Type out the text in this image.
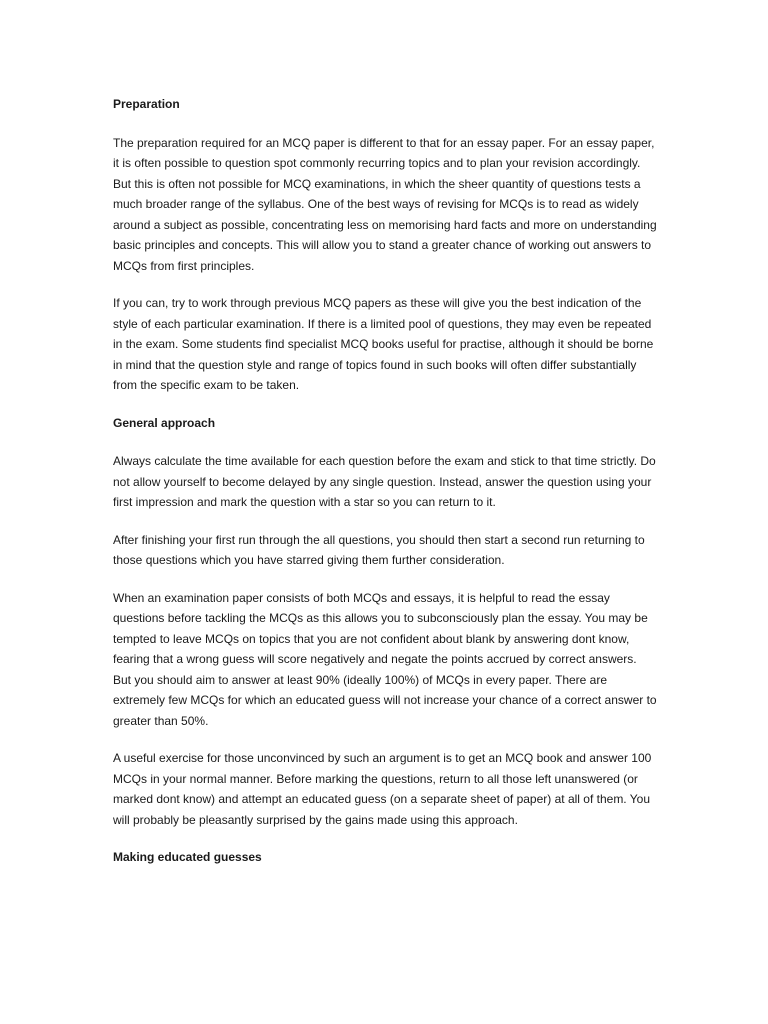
Preparation

The preparation required for an MCQ paper is different to that for an essay paper. For an essay paper, it is often possible to question spot commonly recurring topics and to plan your revision accordingly. But this is often not possible for MCQ examinations, in which the sheer quantity of questions tests a much broader range of the syllabus. One of the best ways of revising for MCQs is to read as widely around a subject as possible, concentrating less on memorising hard facts and more on understanding basic principles and concepts. This will allow you to stand a greater chance of working out answers to MCQs from first principles.

If you can, try to work through previous MCQ papers as these will give you the best indication of the style of each particular examination. If there is a limited pool of questions, they may even be repeated in the exam. Some students find specialist MCQ books useful for practise, although it should be borne in mind that the question style and range of topics found in such books will often differ substantially from the specific exam to be taken.

General approach

Always calculate the time available for each question before the exam and stick to that time strictly. Do not allow yourself to become delayed by any single question. Instead, answer the question using your first impression and mark the question with a star so you can return to it.

After finishing your first run through the all questions, you should then start a second run returning to those questions which you have starred giving them further consideration.

When an examination paper consists of both MCQs and essays, it is helpful to read the essay questions before tackling the MCQs as this allows you to subconsciously plan the essay. You may be tempted to leave MCQs on topics that you are not confident about blank by answering dont know, fearing that a wrong guess will score negatively and negate the points accrued by correct answers. But you should aim to answer at least 90% (ideally 100%) of MCQs in every paper. There are extremely few MCQs for which an educated guess will not increase your chance of a correct answer to greater than 50%.

A useful exercise for those unconvinced by such an argument is to get an MCQ book and answer 100 MCQs in your normal manner. Before marking the questions, return to all those left unanswered (or marked dont know) and attempt an educated guess (on a separate sheet of paper) at all of them. You will probably be pleasantly surprised by the gains made using this approach.

Making educated guesses
